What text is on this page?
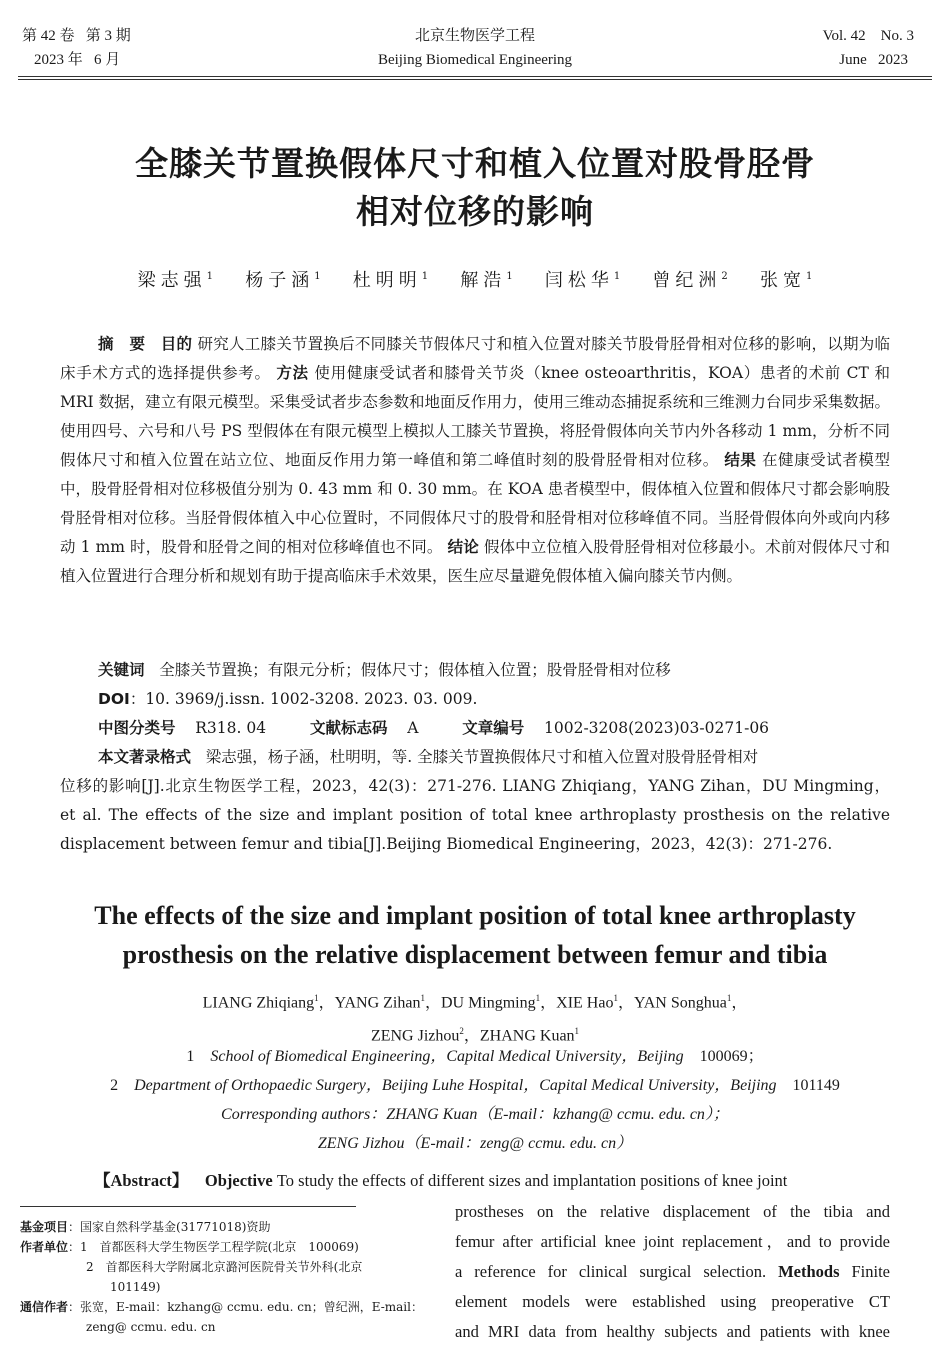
第 42 卷   第 3 期
2023 年   6 月
北京生物医学工程
Beijing Biomedical Engineering
Vol. 42    No. 3
June   2023
全膝关节置换假体尺寸和植入位置对股骨胫骨
相对位移的影响
梁志强$^1$ 杨子涵$^1$ 杜明明$^1$ 解浩$^1$ 闫松华$^1$ 曾纪洲$^2$ 张宽$^1$
摘　要 目的 研究人工膝关节置换后不同膝关节假体尺寸和植入位置对膝关节股骨胫骨相对位移的影响，以期为临床手术方式的选择提供参考。 方法 使用健康受试者和膝骨关节炎（knee osteoarthritis，KOA）患者的术前 CT 和 MRI 数据，建立有限元模型。采集受试者步态参数和地面反作用力，使用三维动态捕捉系统和三维测力台同步采集数据。使用四号、六号和八号 PS 型假体在有限元模型上模拟人工膝关节置换，将胫骨假体向关节内外各移动 1 mm，分析不同假体尺寸和植入位置在站立位、地面反作用力第一峰值和第二峰值时刻的股骨胫骨相对位移。 结果 在健康受试者模型中，股骨胫骨相对位移极值分别为 0. 43 mm 和 0. 30 mm。在 KOA 患者模型中，假体植入位置和假体尺寸都会影响股骨胫骨相对位移。当胫骨假体植入中心位置时，不同假体尺寸的股骨和胫骨相对位移峰值不同。当胫骨假体向外或向内移动 1 mm 时，股骨和胫骨之间的相对位移峰值也不同。 结论 假体中立位植入股骨胫骨相对位移最小。术前对假体尺寸和植入位置进行合理分析和规划有助于提高临床手术效果，医生应尽量避免假体植入偏向膝关节内侧。
关键词 全膝关节置换；有限元分析；假体尺寸；假体植入位置；股骨胫骨相对位移
DOI：10. 3969/j.issn. 1002-3208. 2023. 03. 009.
中图分类号 R318. 04	文献标志码 A	文章编号 1002-3208(2023)03-0271-06
本文著录格式 梁志强，杨子涵，杜明明，等. 全膝关节置换假体尺寸和植入位置对股骨胫骨相对
位移的影响[J].北京生物医学工程，2023，42(3)：271-276. LIANG Zhiqiang，YANG Zihan，DU Mingming，
et al. The effects of the size and implant position of total knee arthroplasty prosthesis on the relative
displacement between femur and tibia[J].Beijing Biomedical Engineering，2023，42(3)：271-276.
The effects of the size and implant position of total knee arthroplasty
prosthesis on the relative displacement between femur and tibia
LIANG Zhiqiang$^1$，YANG Zihan$^1$，DU Mingming$^1$，XIE Hao$^1$，YAN Songhua$^1$，
ZENG Jizhou$^2$，ZHANG Kuan$^1$
1 School of Biomedical Engineering，Capital Medical University，Beijing 100069；
2 Department of Orthopaedic Surgery，Beijing Luhe Hospital，Capital Medical University，Beijing 101149
Corresponding authors：ZHANG Kuan（E-mail：kzhang@ ccmu. edu. cn）；
ZENG Jizhou（E-mail：zeng@ ccmu. edu. cn）
【Abstract】 Objective To study the effects of different sizes and implantation positions of knee joint
prostheses on the relative displacement of the tibia and
femur after artificial knee joint replacement，and to provide
a reference for clinical surgical selection. Methods Finite
element models were established using preoperative CT
and MRI data from healthy subjects and patients with knee
基金项目：国家自然科学基金(31771018)资助
作者单位：1　首都医科大学生物医学工程学院(北京　100069)
2　首都医科大学附属北京潞河医院骨关节外科(北京
101149)
通信作者：张宽，E-mail：kzhang@ ccmu. edu. cn；曾纪洲，E-mail：
zeng@ ccmu. edu. cn
